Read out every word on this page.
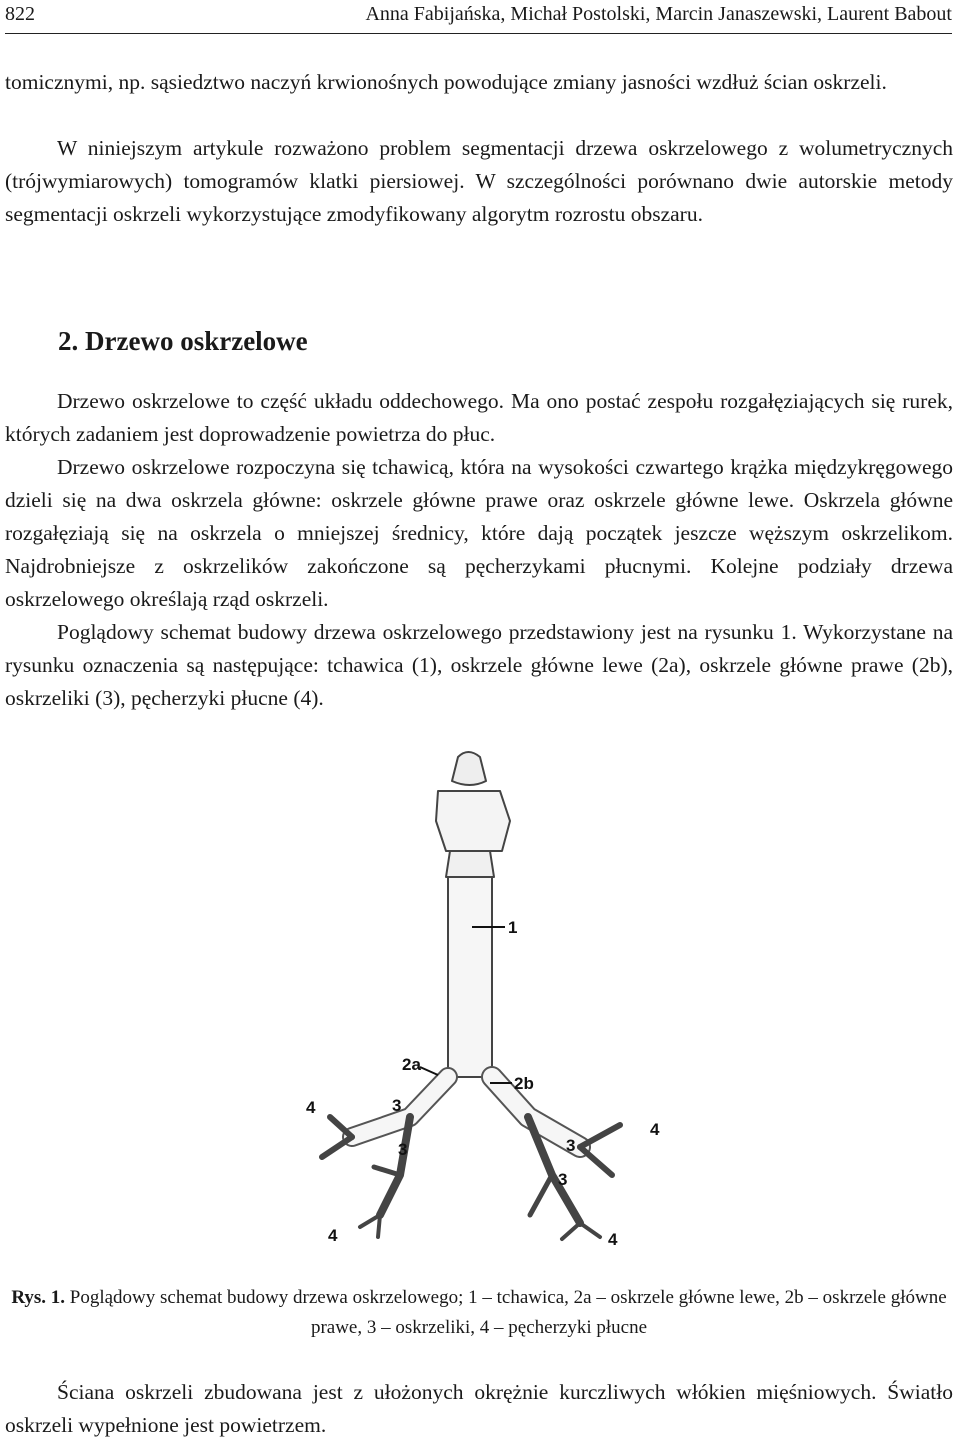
822	Anna Fabijańska, Michał Postolski, Marcin Janaszewski, Laurent Babout

tomicznymi, np. sąsiedztwo naczyń krwionośnych powodujące zmiany jasności wzdłuż ścian oskrzeli.

W niniejszym artykule rozważono problem segmentacji drzewa oskrzelowego z wolumetrycznych (trójwymiarowych) tomogramów klatki piersiowej. W szczególności porównano dwie autorskie metody segmentacji oskrzeli wykorzystujące zmodyfikowany algorytm rozrostu obszaru.

2. Drzewo oskrzelowe

Drzewo oskrzelowe to część układu oddechowego. Ma ono postać zespołu rozgałęziających się rurek, których zadaniem jest doprowadzenie powietrza do płuc.

Drzewo oskrzelowe rozpoczyna się tchawicą, która na wysokości czwartego krążka międzykręgowego dzieli się na dwa oskrzela główne: oskrzele główne prawe oraz oskrzele główne lewe. Oskrzela główne rozgałęziają się na oskrzela o mniejszej średnicy, które dają początek jeszcze węższym oskrzelikom. Najdrobniejsze z oskrzelików zakończone są pęcherzykami płucnymi. Kolejne podziały drzewa oskrzelowego określają rząd oskrzeli.

Poglądowy schemat budowy drzewa oskrzelowego przedstawiony jest na rysunku 1. Wykorzystane na rysunku oznaczenia są następujące: tchawica (1), oskrzele główne lewe (2a), oskrzele główne prawe (2b), oskrzeliki (3), pęcherzyki płucne (4).

1
2a
2b
3
3	3
3
4
4
4
4
Rys. 1. Poglądowy schemat budowy drzewa oskrzelowego; 1 – tchawica, 2a – oskrzele główne lewe, 2b – oskrzele główne prawe, 3 – oskrzeliki, 4 – pęcherzyki płucne

Ściana oskrzeli zbudowana jest z ułożonych okrężnie kurczliwych włókien mięśniowych. Światło oskrzeli wypełnione jest powietrzem.
